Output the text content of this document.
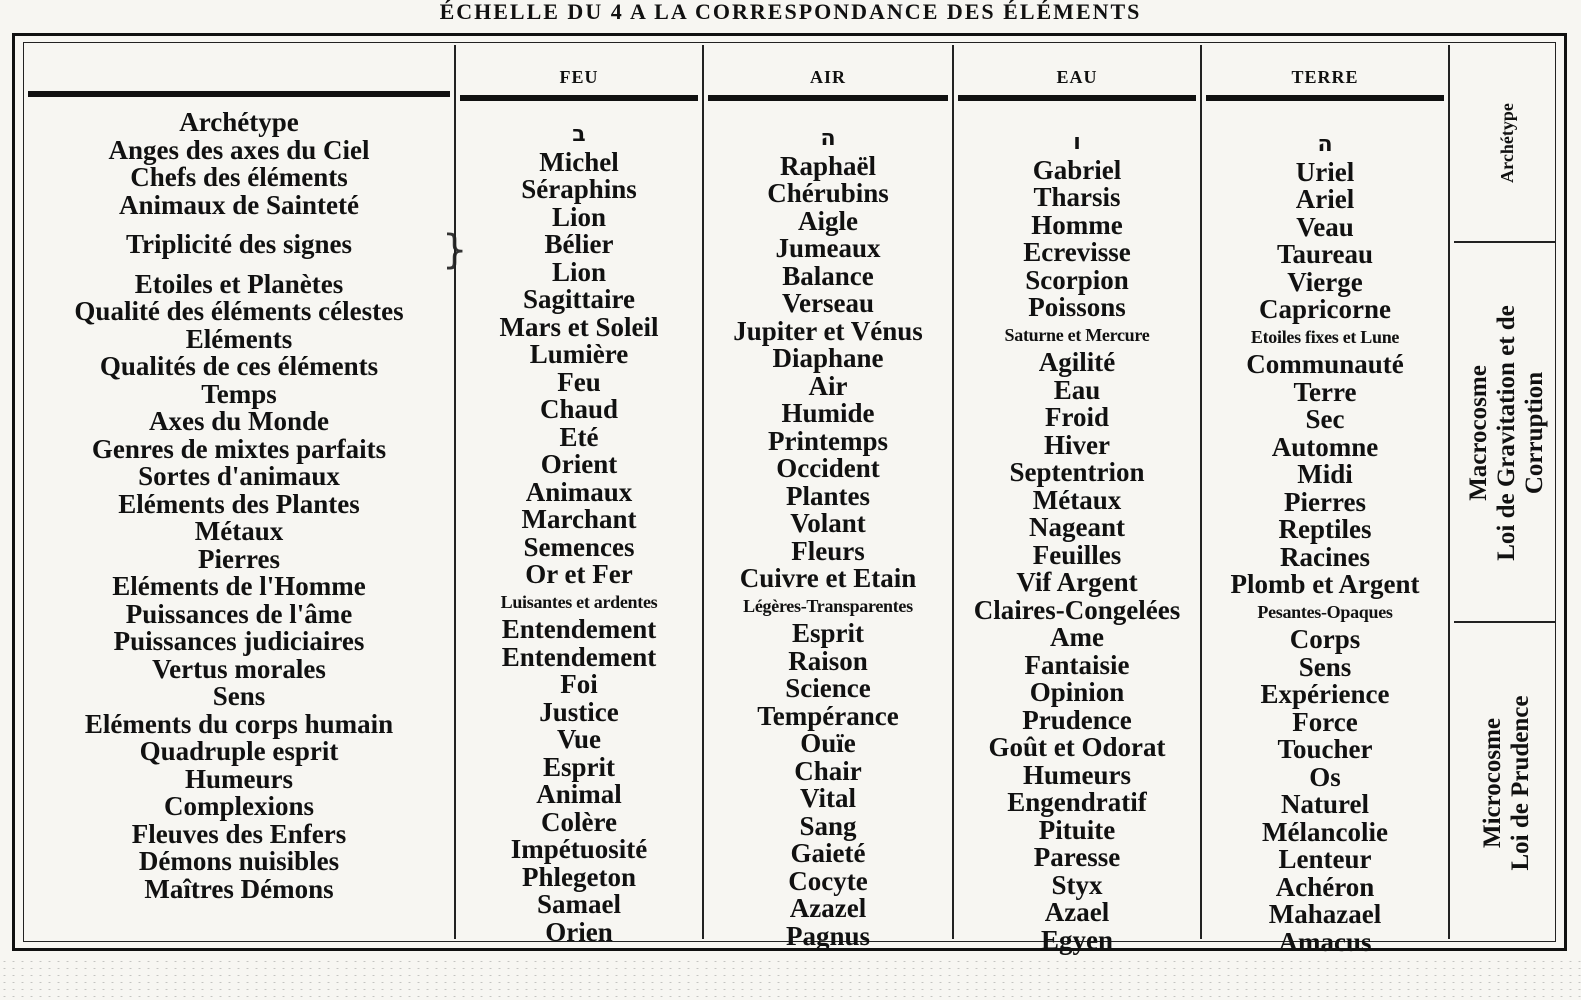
ÉCHELLE DU 4 A LA CORRESPONDANCE DES ÉLÉMENTS
Archétype
Anges des axes du Ciel
Chefs des éléments
Animaux de Sainteté
Triplicité des signes
Etoiles et Planètes
Qualité des éléments célestes
Eléments
Qualités de ces éléments
Temps
Axes du Monde
Genres de mixtes parfaits
Sortes d'animaux
Eléments des Plantes
Métaux
Pierres
Eléments de l'Homme
Puissances de l'âme
Puissances judiciaires
Vertus morales
Sens
Eléments du corps humain
Quadruple esprit
Humeurs
Complexions
Fleuves des Enfers
Démons nuisibles
Maîtres Démons
}
FEU
ב
Michel
Séraphins
Lion
Bélier
Lion
Sagittaire
Mars et Soleil
Lumière
Feu
Chaud
Eté
Orient
Animaux
Marchant
Semences
Or et Fer
Luisantes et ardentes
Entendement
Entendement
Foi
Justice
Vue
Esprit
Animal
Colère
Impétuosité
Phlegeton
Samael
Orien
AIR
ה
Raphaël
Chérubins
Aigle
Jumeaux
Balance
Verseau
Jupiter et Vénus
Diaphane
Air
Humide
Printemps
Occident
Plantes
Volant
Fleurs
Cuivre et Etain
Légères-Transparentes
Esprit
Raison
Science
Tempérance
Ouïe
Chair
Vital
Sang
Gaieté
Cocyte
Azazel
Pagnus
EAU
ו
Gabriel
Tharsis
Homme
Ecrevisse
Scorpion
Poissons
Saturne et Mercure
Agilité
Eau
Froid
Hiver
Septentrion
Métaux
Nageant
Feuilles
Vif Argent
Claires-Congelées
Ame
Fantaisie
Opinion
Prudence
Goût et Odorat
Humeurs
Engendratif
Pituite
Paresse
Styx
Azael
Egyen
TERRE
ה
Uriel
Ariel
Veau
Taureau
Vierge
Capricorne
Etoiles fixes et Lune
Communauté
Terre
Sec
Automne
Midi
Pierres
Reptiles
Racines
Plomb et Argent
Pesantes-Opaques
Corps
Sens
Expérience
Force
Toucher
Os
Naturel
Mélancolie
Lenteur
Achéron
Mahazael
Amacus
Archétype
Macrocosme Loi de Gravitation et de Corruption
Microcosme Loi de Prudence
